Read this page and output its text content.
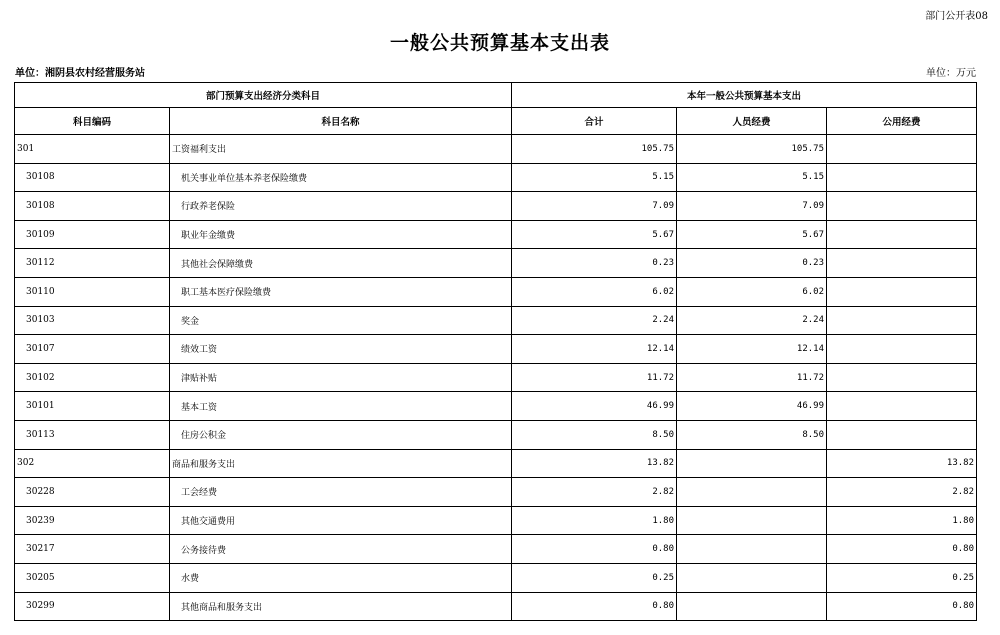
部门公开表08
一般公共预算基本支出表
单位：湘阴县农村经营服务站	单位：万元
部门预算支出经济分类科目		本年一般公共预算基本支出		
科目编码	科目名称	合计	人员经费	公用经费
301	工资福利支出	105.75	105.75	
30108	机关事业单位基本养老保险缴费	5.15	5.15	
30108	行政养老保险	7.09	7.09	
30109	职业年金缴费	5.67	5.67	
30112	其他社会保障缴费	0.23	0.23	
30110	职工基本医疗保险缴费	6.02	6.02	
30103	奖金	2.24	2.24	
30107	绩效工资	12.14	12.14	
30102	津贴补贴	11.72	11.72	
30101	基本工资	46.99	46.99	
30113	住房公积金	8.50	8.50	
302	商品和服务支出	13.82		13.82
30228	工会经费	2.82		2.82
30239	其他交通费用	1.80		1.80
30217	公务接待费	0.80		0.80
30205	水费	0.25		0.25
30299	其他商品和服务支出	0.80		0.80
